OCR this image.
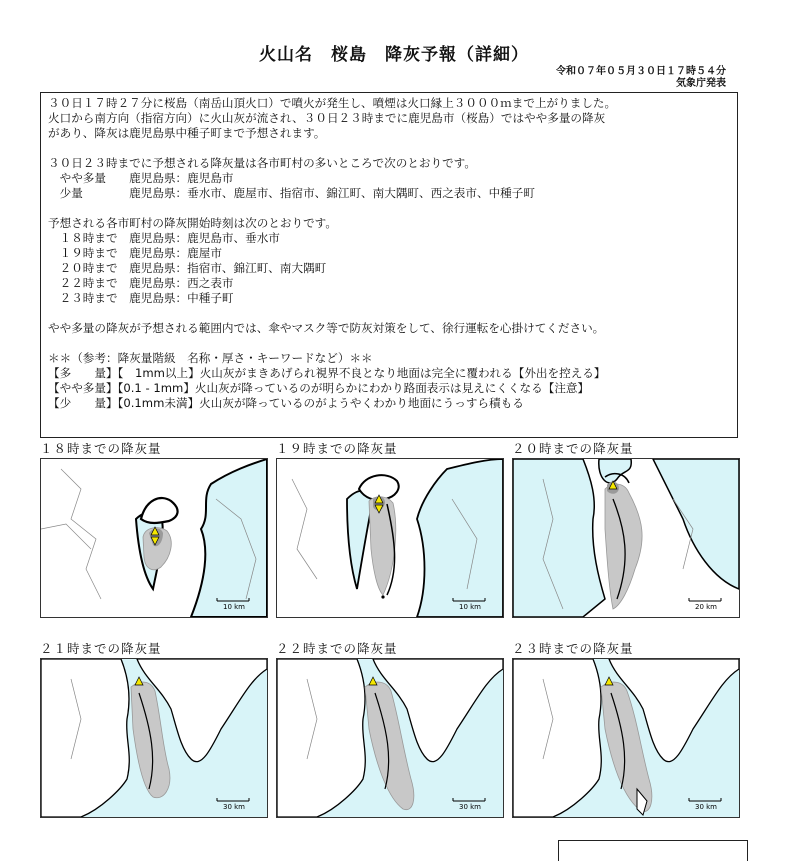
火山名　桜島　降灰予報（詳細）
令和０７年０５月３０日１７時５４分
気象庁発表

３０日１７時２７分に桜島（南岳山頂火口）で噴火が発生し、噴煙は火口縁上３０００ｍまで上がりました。

火口から南方向（指宿方向）に火山灰が流され、３０日２３時までに鹿児島市（桜島）ではやや多量の降灰

があり、降灰は鹿児島県中種子町まで予想されます。

３０日２３時までに予想される降灰量は各市町村の多いところで次のとおりです。

　やや多量　　鹿児島県：鹿児島市

　少量　　　　鹿児島県：垂水市、鹿屋市、指宿市、錦江町、南大隅町、西之表市、中種子町

予想される各市町村の降灰開始時刻は次のとおりです。

　１８時まで　鹿児島県：鹿児島市、垂水市

　１９時まで　鹿児島県：鹿屋市

　２０時まで　鹿児島県：指宿市、錦江町、南大隅町

　２２時まで　鹿児島県：西之表市

　２３時まで　鹿児島県：中種子町

やや多量の降灰が予想される範囲内では、傘やマスク等で防灰対策をして、徐行運転を心掛けてください。

＊＊（参考：降灰量階級　名称・厚さ・キーワードなど）＊＊

【多　　量】【　1mm以上】火山灰がまきあげられ視界不良となり地面は完全に覆われる【外出を控える】

【やや多量】【0.1 - 1mm】火山灰が降っているのが明らかにわかり路面表示は見えにくくなる【注意】

【少　　量】【0.1mm未満】火山灰が降っているのがようやくわかり地面にうっすら積もる

１８時までの降灰量
10 km
１９時までの降灰量
10 km
２０時までの降灰量
20 km
２１時までの降灰量
30 km
２２時までの降灰量
30 km
２３時までの降灰量
30 km
